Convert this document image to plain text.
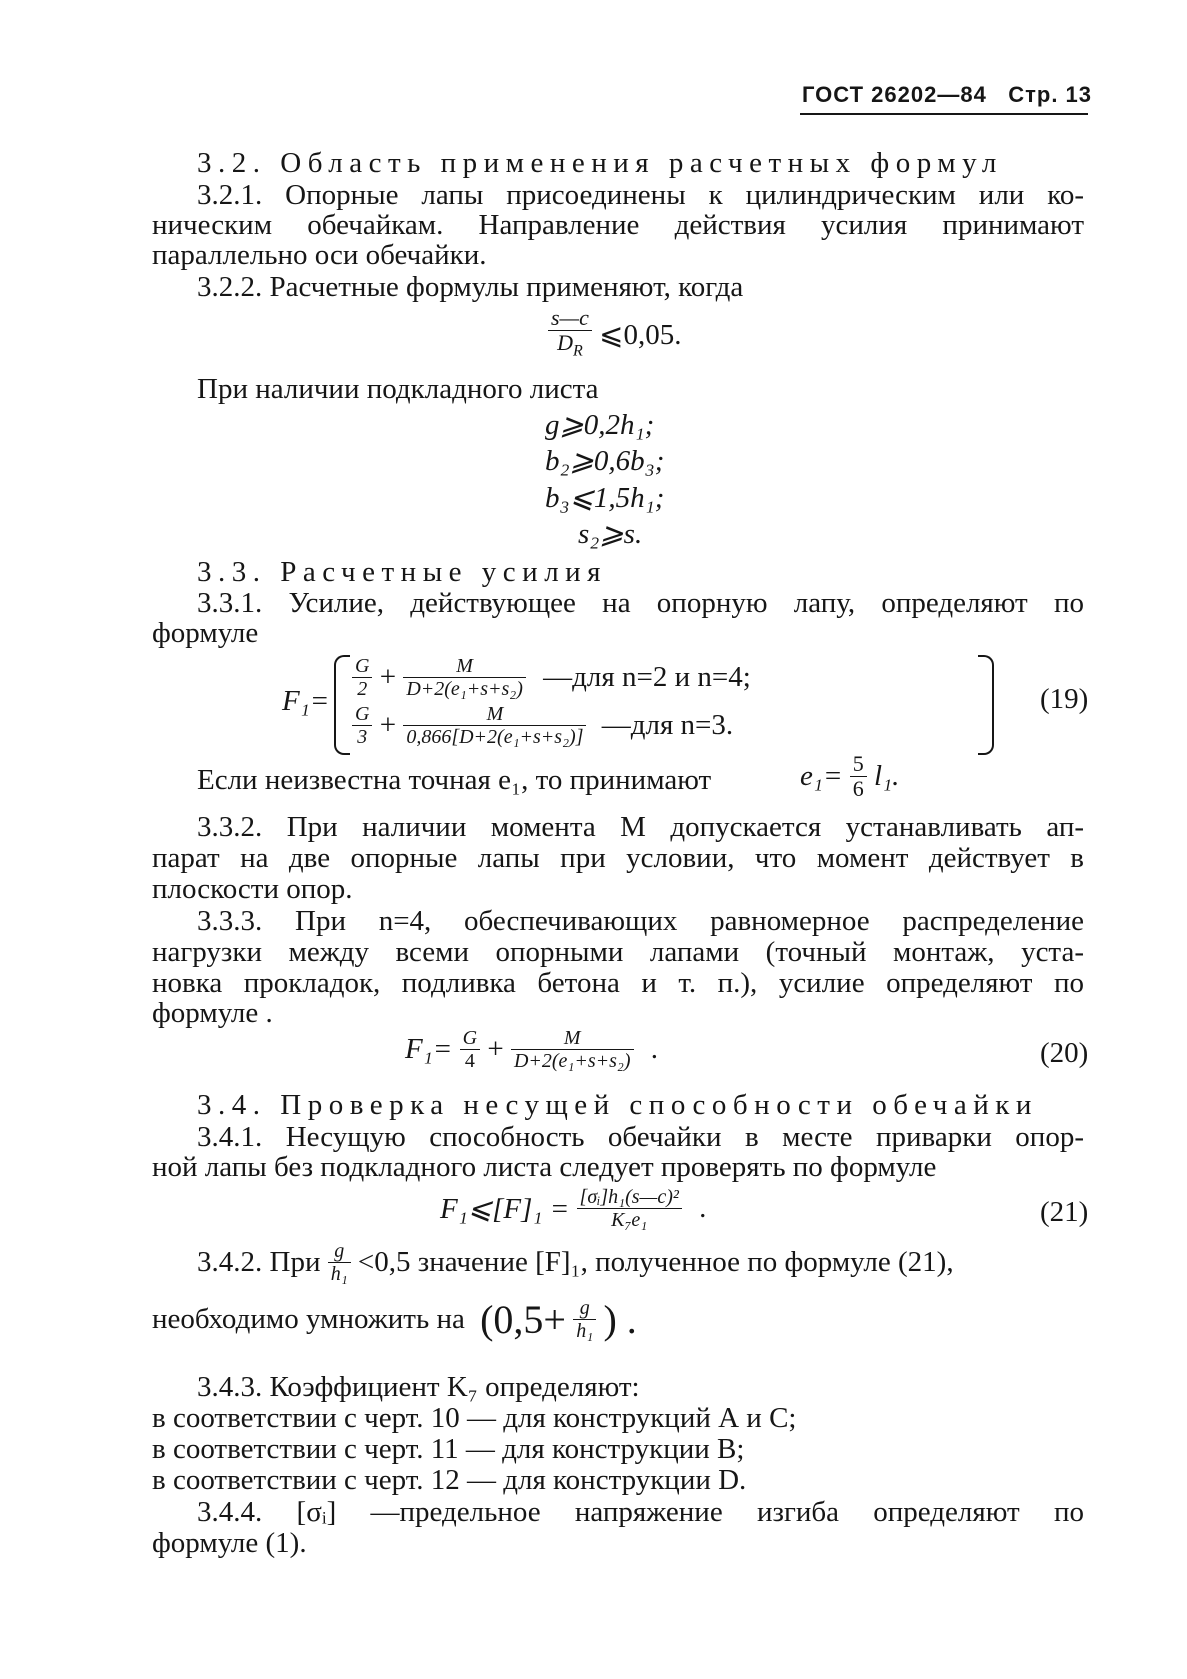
ГОСТ 26202—84 Стр. 13
3.2. Область применения расчетных формул
3.2.1. Опорные лапы присоединены к цилиндрическим или ко-
ническим обечайкам. Направление действия усилия принимают
параллельно оси обечайки.
3.2.2. Расчетные формулы применяют, когда
$\frac{s—c}{D_R}$ ⩽0,05.
При наличии подкладного листа
g⩾0,2h₁;
b₂⩾0,6b₃;
b₃⩽1,5h₁;
s₂⩾s.
3.3. Расчетные усилия
3.3.1. Усилие, действующее на опорную лапу, определяют по
формуле
F₁=
$\frac{G}{2} + \frac{M}{\text{D+2(e₁+s+s₂)}}$ —для n=2 и n=4;
$\frac{G}{3} + \frac{M}{\text{0,866[D+2(e₁+s+s₂)]}}$ —для n=3.
(19)
Если неизвестна точная e₁, то принимают	$e_1= \frac{5}{6} l_1$.
3.3.2. При наличии момента M допускается устанавливать ап-
парат на две опорные лапы при условии, что момент действует в
плоскости опор.
3.3.3. При n=4, обеспечивающих равномерное распределение
нагрузки между всеми опорными лапами (точный монтаж, уста-
новка прокладок, подливка бетона и т. п.), усилие определяют по
формуле .
$F_1= \frac{G}{4} + \frac{M}{\text{D+2(e₁+s+s₂)}}$ .	(20)
3.4. Проверка несущей способности обечайки
3.4.1. Несущую способность обечайки в месте приварки опор-
ной лапы без подкладного листа следует проверять по формуле
F₁⩽[F]₁ = $\frac{\text{[σᵢ]h₁(s—c)²}}{\text{K₇e₁}}$ .	(21)
3.4.2. При $\frac{g}{\text{h₁}} <0,5$ значение [F]₁, полученное по формуле (21),
необходимо умножить на ($0,5+ \frac{g}{\text{h₁}}$ ) .
3.4.3. Коэффициент K₇ определяют:
в соответствии с черт. 10 — для конструкций А и С;
в соответствии с черт. 11 — для конструкции В;
в соответствии с черт. 12 — для конструкции D.
3.4.4. [σᵢ] —предельное напряжение изгиба определяют по
формуле (1).
